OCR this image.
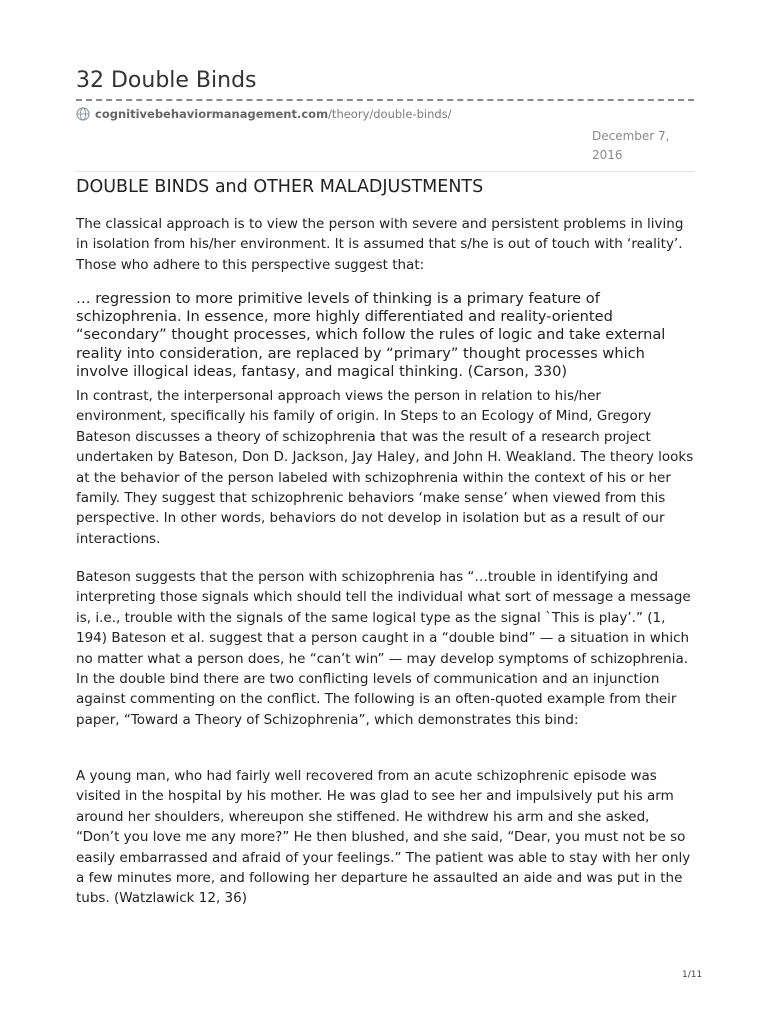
32 Double Binds
cognitivebehaviormanagement.com /theory/double-binds/
December 7,
2016
DOUBLE BINDS and OTHER MALADJUSTMENTS

The classical approach is to view the person with severe and persistent problems in living in isolation from his/her environment. It is assumed that s/he is out of touch with ‘reality’. Those who adhere to this perspective suggest that:

… regression to more primitive levels of thinking is a primary feature of schizophrenia. In essence, more highly differentiated and reality-oriented “secondary” thought processes, which follow the rules of logic and take external reality into consideration, are replaced by “primary” thought processes which involve illogical ideas, fantasy, and magical thinking. (Carson, 330)

In contrast, the interpersonal approach views the person in relation to his/her environment, specifically his family of origin. In Steps to an Ecology of Mind, Gregory Bateson discusses a theory of schizophrenia that was the result of a research project undertaken by Bateson, Don D. Jackson, Jay Haley, and John H. Weakland. The theory looks at the behavior of the person labeled with schizophrenia within the context of his or her family. They suggest that schizophrenic behaviors ‘make sense’ when viewed from this perspective. In other words, behaviors do not develop in isolation but as a result of our interactions.

Bateson suggests that the person with schizophrenia has “…trouble in identifying and interpreting those signals which should tell the individual what sort of message a message is, i.e., trouble with the signals of the same logical type as the signal `This is play’.” (1, 194) Bateson et al. suggest that a person caught in a “double bind” — a situation in which no matter what a person does, he “can’t win” — may develop symptoms of schizophrenia. In the double bind there are two conflicting levels of communication and an injunction against commenting on the conflict. The following is an often-quoted example from their paper, “Toward a Theory of Schizophrenia”, which demonstrates this bind:

A young man, who had fairly well recovered from an acute schizophrenic episode was visited in the hospital by his mother. He was glad to see her and impulsively put his arm around her shoulders, whereupon she stiffened. He withdrew his arm and she asked, “Don’t you love me any more?” He then blushed, and she said, “Dear, you must not be so easily embarrassed and afraid of your feelings.” The patient was able to stay with her only a few minutes more, and following her departure he assaulted an aide and was put in the tubs. (Watzlawick 12, 36)

1/11
